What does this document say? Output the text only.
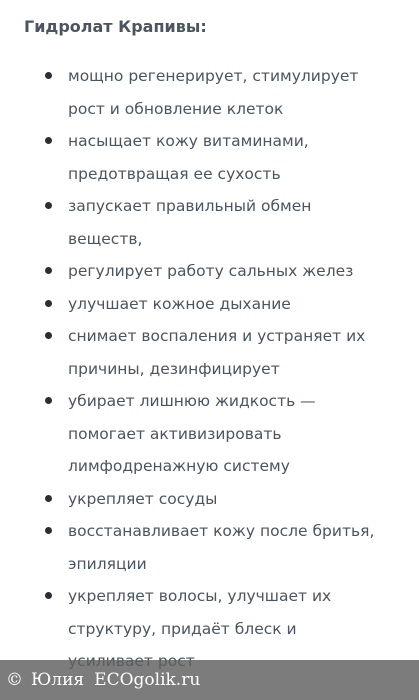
Гидролат Крапивы:
мощно регенерирует, стимулирует
рост и обновление клеток
насыщает кожу витаминами,
предотвращая ее сухость
запускает правильный обмен
веществ,
регулирует работу сальных желез
улучшает кожное дыхание
снимает воспаления и устраняет их
причины, дезинфицирует
убирает лишнюю жидкость —
помогает активизировать
лимфодренажную систему
укрепляет сосуды
восстанавливает кожу после бритья,
эпиляции
укрепляет волосы, улучшает их
структуру, придаёт блеск и

© Юлия ECOgolik.ru
